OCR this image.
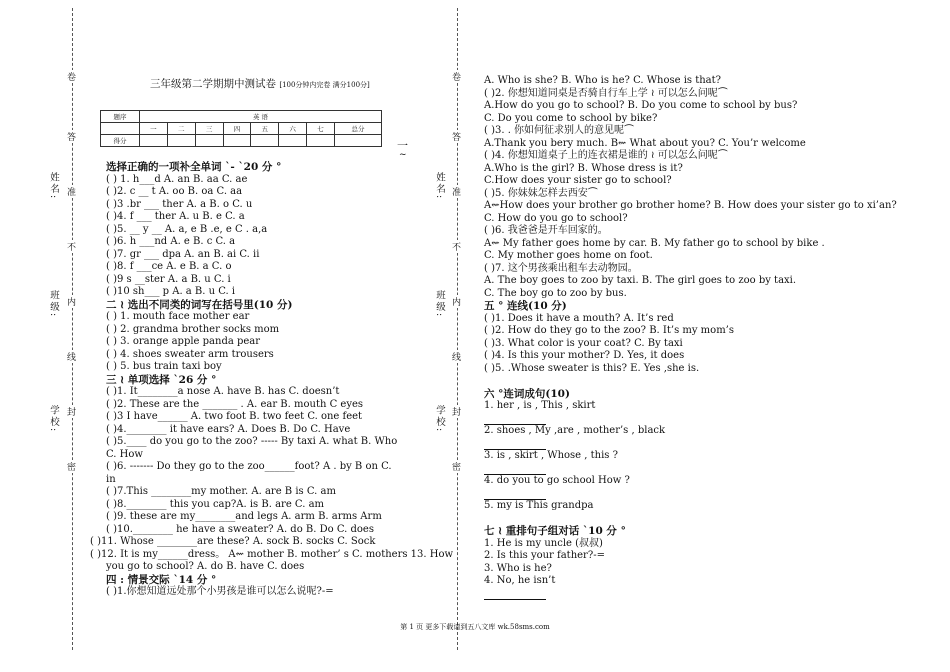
卷
答
准
不
内
线
封
密
姓名:
班级:
学校:
卷
答
准
不
内
线
封
密
姓名:
班级:
学校:
三年级第二学期期中测试卷 [100分钟内完卷 满分100分]
题序	英 语							
	一	二	三	四	五	六	七	总分
得分									一
~
选择正确的一项补全单词 `- `20 分 °
( ) 1. h___d A. an B. aa C. ae
( )2. c __ t A. oo B. oa C. aa
( )3 .br ___ ther A. a B. o C. u
( )4. f ___ ther A. u B. e C. a
( )5. __ y __ A. a, e B .e, e C . a,a
( )6. h ___nd A. e B. c C. a
( )7. gr ___ dpa A. an B. ai C. ii
( )8. f ___ce A. e B. a C. o
( )9 s __ster A. a B. u C. i
( )10 sh___ p A. a B. u C. i
二 ≀ 选出不同类的词写在括号里(10 分)
( ) 1. mouth face mother ear
( ) 2. grandma brother socks mom
( ) 3. orange apple panda pear
( ) 4. shoes sweater arm trousers
( ) 5. bus train taxi boy
三 ≀ 单项选择 `26 分 °
( )1. It________a nose A. have B. has C. doesn’t
( )2. These are the _______ . A. ear B. mouth C eyes
( )3 I have______ A. two foot B. two feet C. one feet
( )4.________ it have ears? A. Does B. Do C. Have
( )5.____ do you go to the zoo? ----- By taxi A. what B. Who
C. How
( )6. ------- Do they go to the zoo______foot? A . by B on C.
in
( )7.This ________my mother. A. are B is C. am
( )8.________ this you cap?A. is B. are C. am
( )9. these are my________and legs A. arm B. arms Arm
( )10.________ he have a sweater? A. do B. Do C. does
( )11. Whose ________are these? A. sock B. socks C. Sock
( )12. It is my______dress。 A⇜ mother B. mother’ s C. mothers 13. How
you go to school? A. do B. have C. does
四 : 情景交际 `14 分 °
( )1.你想知道远处那个小男孩是谁可以怎么说呢?-=
A. Who is she? B. Who is he? C. Whose is that?
( )2. 你想知道同桌是否骑自行车上学 ≀ 可以怎么问呢⏜
A.How do you go to school? B. Do you come to school by bus?
C. Do you come to school by bike?
( )3. . 你如何征求别人的意见呢⏜
A.Thank you bery much. B⇜ What about you? C. You’r welcome
( )4. 你想知道桌子上的连衣裙是谁的 ≀ 可以怎么问呢⏜
A.Who is the girl? B. Whose dress is it?
C.How does your sister go to school?
( )5. 你妹妹怎样去西安⏜
A⇜How does your brother go brother home? B. How does your sister go to xi’an?
C. How do you go to school?
( )6. 我爸爸是开车回家的。
A⇜ My father goes home by car. B. My father go to school by bike .
C. My mother goes home on foot.
( )7. 这个男孩乘出租车去动物园。
A. The boy goes to zoo by taxi. B. The girl goes to zoo by taxi.
C. The boy go to zoo by bus.
五 ° 连线(10 分)
( )1. Does it have a mouth? A. It’s red
( )2. How do they go to the zoo? B. It’s my mom’s
( )3. What color is your coat? C. By taxi
( )4. Is this your mother? D. Yes, it does
( )5. .Whose sweater is this? E. Yes ,she is.
六 °连词成句(10)
1. her , is , This , skirt
2. shoes , My ,are , mother’s , black
3. is , skirt , Whose , this ?
4. do you to go school How ?
5. my is This grandpa
七 ≀ 重排句子组对话 `10 分 °
1. He is my uncle (叔叔)
2. Is this your father?-=
3. Who is he?
4. No, he isn’t
第 1 页 更多下载请到五八文库 wk.58sms.com
